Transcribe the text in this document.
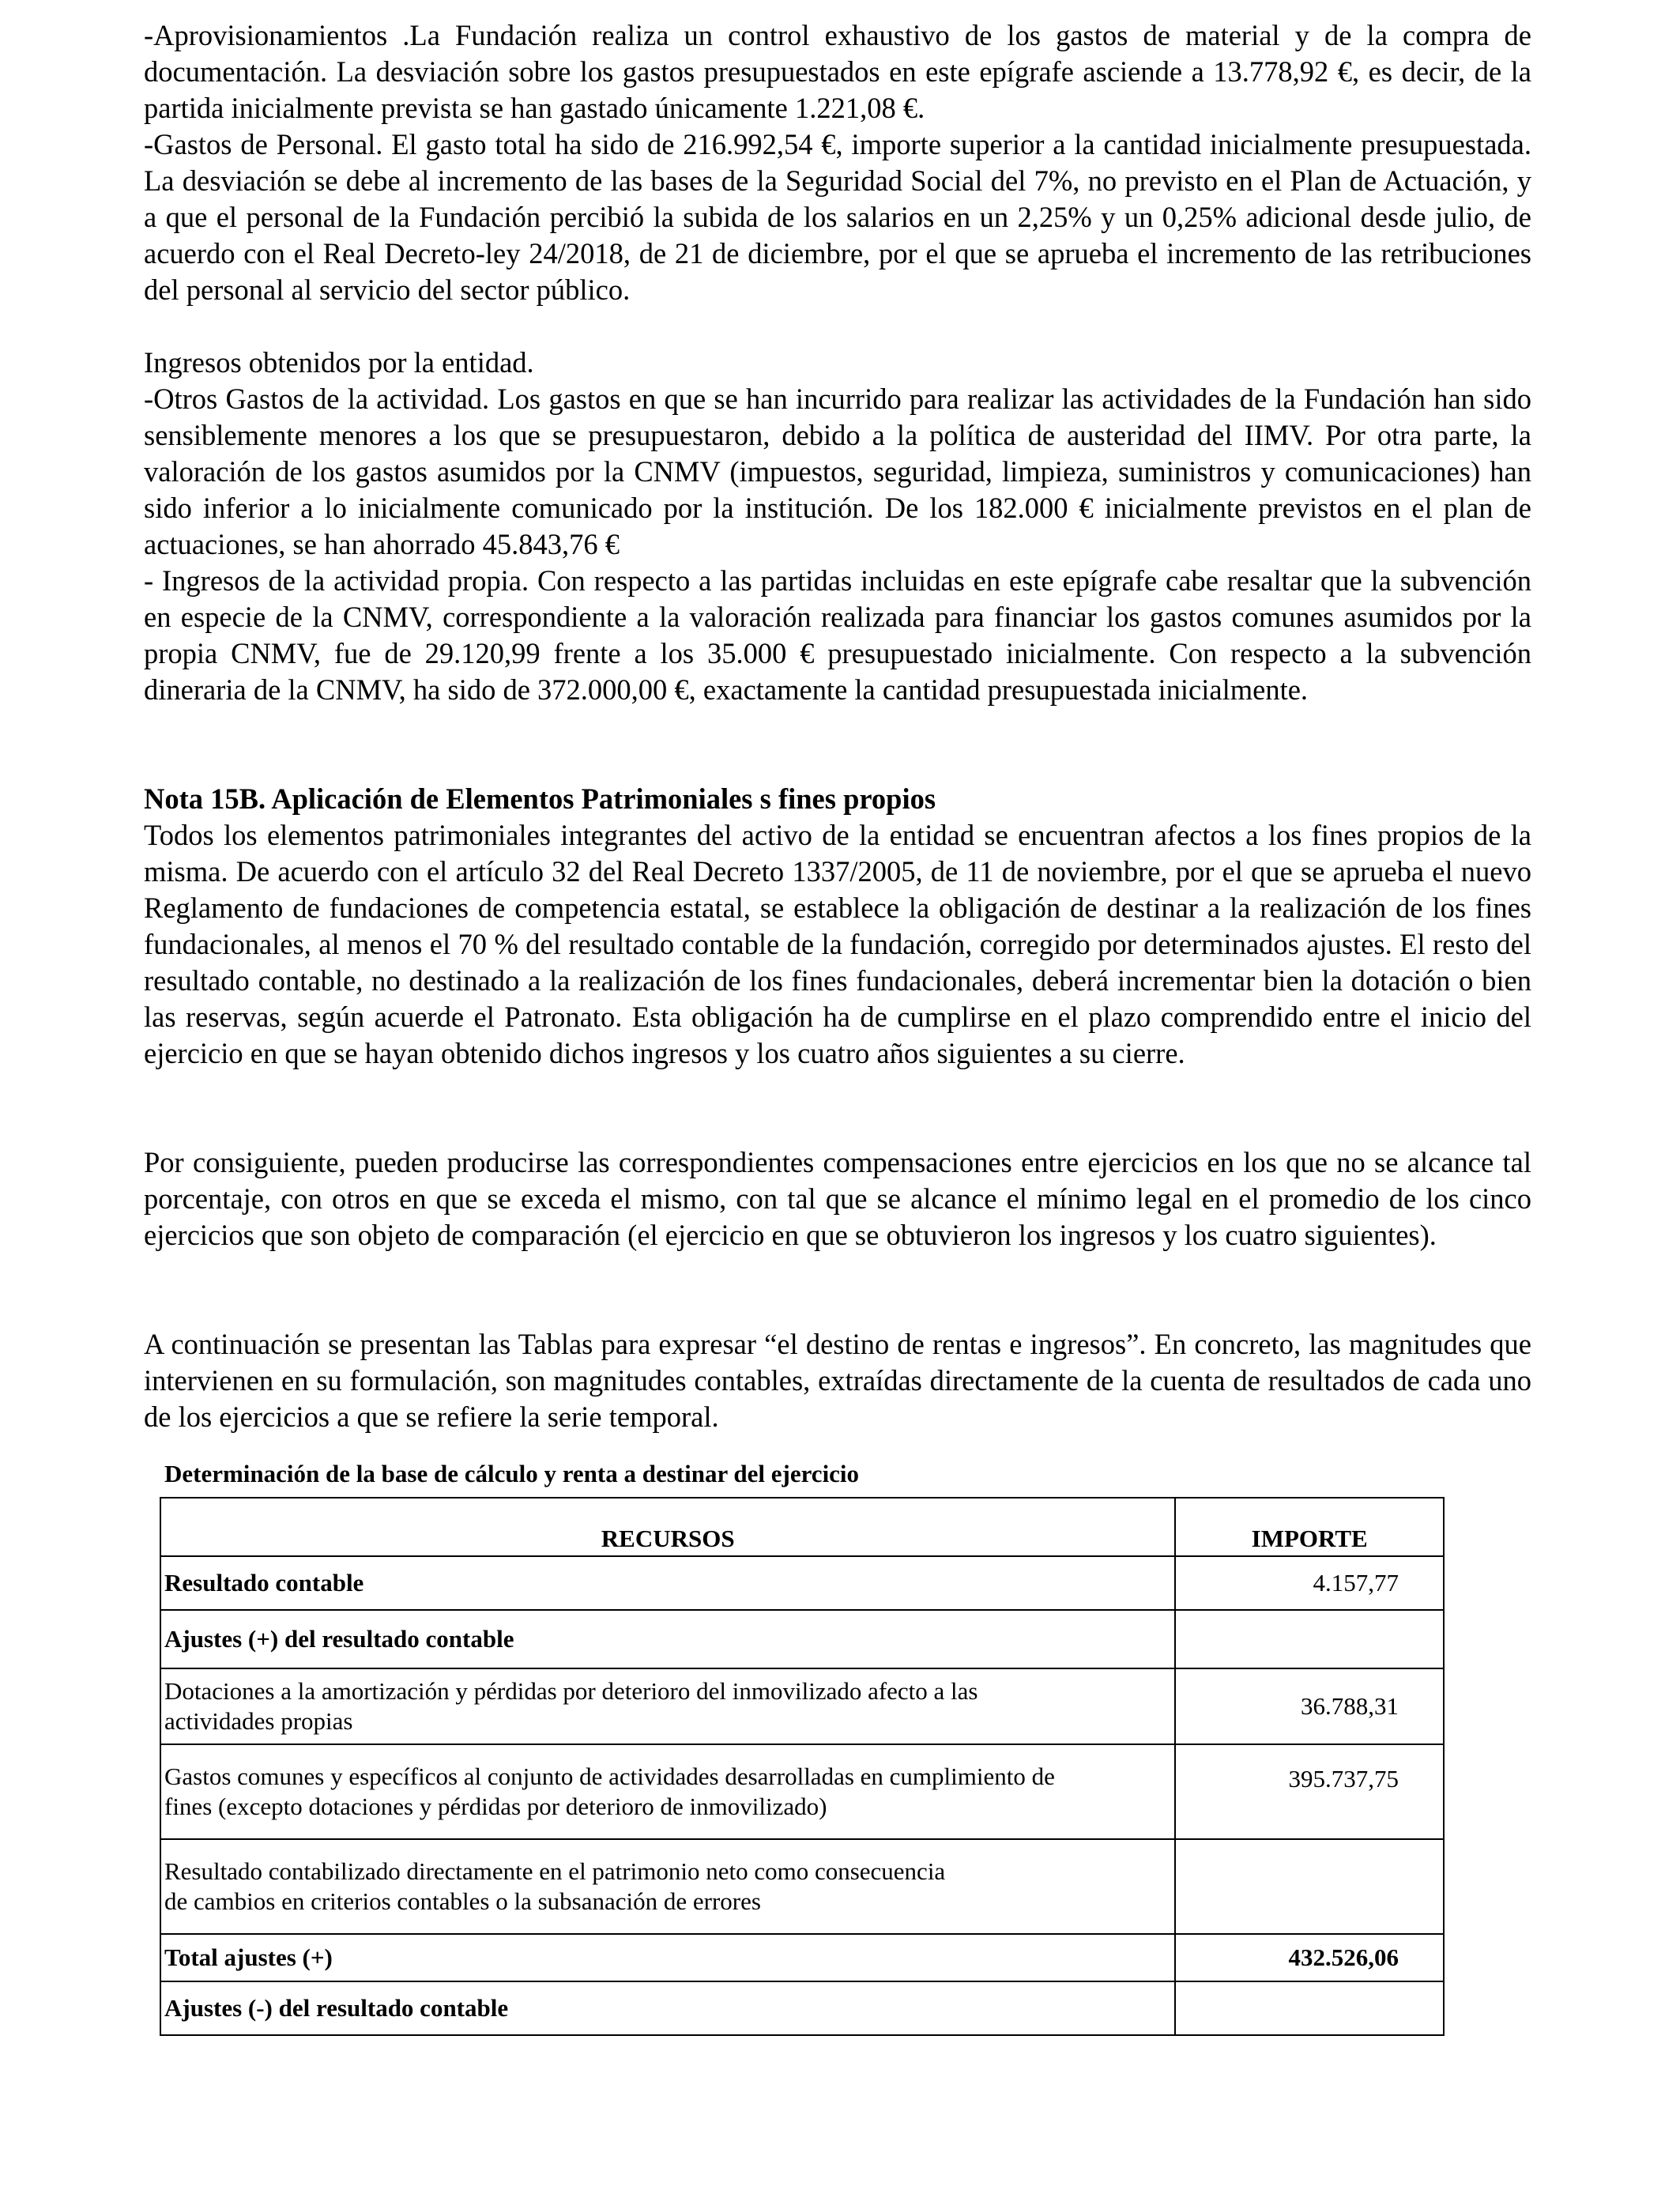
-Aprovisionamientos .La Fundación realiza un control exhaustivo de los gastos de material y de la compra de documentación. La desviación sobre los gastos presupuestados en este epígrafe asciende a 13.778,92 €, es decir, de la partida inicialmente prevista se han gastado únicamente 1.221,08 €.

-Gastos de Personal. El gasto total ha sido de 216.992,54 €, importe superior a la cantidad inicialmente presupuestada. La desviación se debe al incremento de las bases de la Seguridad Social del 7%, no previsto en el Plan de Actuación, y a que el personal de la Fundación percibió la subida de los salarios en un 2,25% y un 0,25% adicional desde julio, de acuerdo con el Real Decreto-ley 24/2018, de 21 de diciembre, por el que se aprueba el incremento de las retribuciones del personal al servicio del sector público.

Ingresos obtenidos por la entidad.

-Otros Gastos de la actividad. Los gastos en que se han incurrido para realizar las actividades de la Fundación han sido sensiblemente menores a los que se presupuestaron, debido a la política de austeridad del IIMV. Por otra parte, la valoración de los gastos asumidos por la CNMV (impuestos, seguridad, limpieza, suministros y comunicaciones) han sido inferior a lo inicialmente comunicado por la institución. De los 182.000 € inicialmente previstos en el plan de actuaciones, se han ahorrado 45.843,76 €

- Ingresos de la actividad propia. Con respecto a las partidas incluidas en este epígrafe cabe resaltar que la subvención en especie de la CNMV, correspondiente a la valoración realizada para financiar los gastos comunes asumidos por la propia CNMV, fue de 29.120,99 frente a los 35.000 € presupuestado inicialmente. Con respecto a la subvención dineraria de la CNMV, ha sido de 372.000,00 €, exactamente la cantidad presupuestada inicialmente.

Nota 15B. Aplicación de Elementos Patrimoniales s fines propios

Todos los elementos patrimoniales integrantes del activo de la entidad se encuentran afectos a los fines propios de la misma. De acuerdo con el artículo 32 del Real Decreto 1337/2005, de 11 de noviembre, por el que se aprueba el nuevo Reglamento de fundaciones de competencia estatal, se establece la obligación de destinar a la realización de los fines fundacionales, al menos el 70 % del resultado contable de la fundación, corregido por determinados ajustes. El resto del resultado contable, no destinado a la realización de los fines fundacionales, deberá incrementar bien la dotación o bien las reservas, según acuerde el Patronato. Esta obligación ha de cumplirse en el plazo comprendido entre el inicio del ejercicio en que se hayan obtenido dichos ingresos y los cuatro años siguientes a su cierre.

Por consiguiente, pueden producirse las correspondientes compensaciones entre ejercicios en los que no se alcance tal porcentaje, con otros en que se exceda el mismo, con tal que se alcance el mínimo legal en el promedio de los cinco ejercicios que son objeto de comparación (el ejercicio en que se obtuvieron los ingresos y los cuatro siguientes).

A continuación se presentan las Tablas para expresar “el destino de rentas e ingresos”. En concreto, las magnitudes que intervienen en su formulación, son magnitudes contables, extraídas directamente de la cuenta de resultados de cada uno de los ejercicios a que se refiere la serie temporal.

Determinación de la base de cálculo y renta a destinar del ejercicio
RECURSOS	IMPORTE
Resultado contable	4.157,77
Ajustes (+) del resultado contable	

Dotaciones a la amortización y pérdidas por deterioro del inmovilizado afecto a las
actividades propias	36.788,31

Gastos comunes y específicos al conjunto de actividades desarrolladas en cumplimiento de
fines (excepto dotaciones y pérdidas por deterioro de inmovilizado)	395.737,75

Resultado contabilizado directamente en el patrimonio neto como consecuencia
de cambios en criterios contables o la subsanación de errores	

Total ajustes (+)	432.526,06
Ajustes (-) del resultado contable	
